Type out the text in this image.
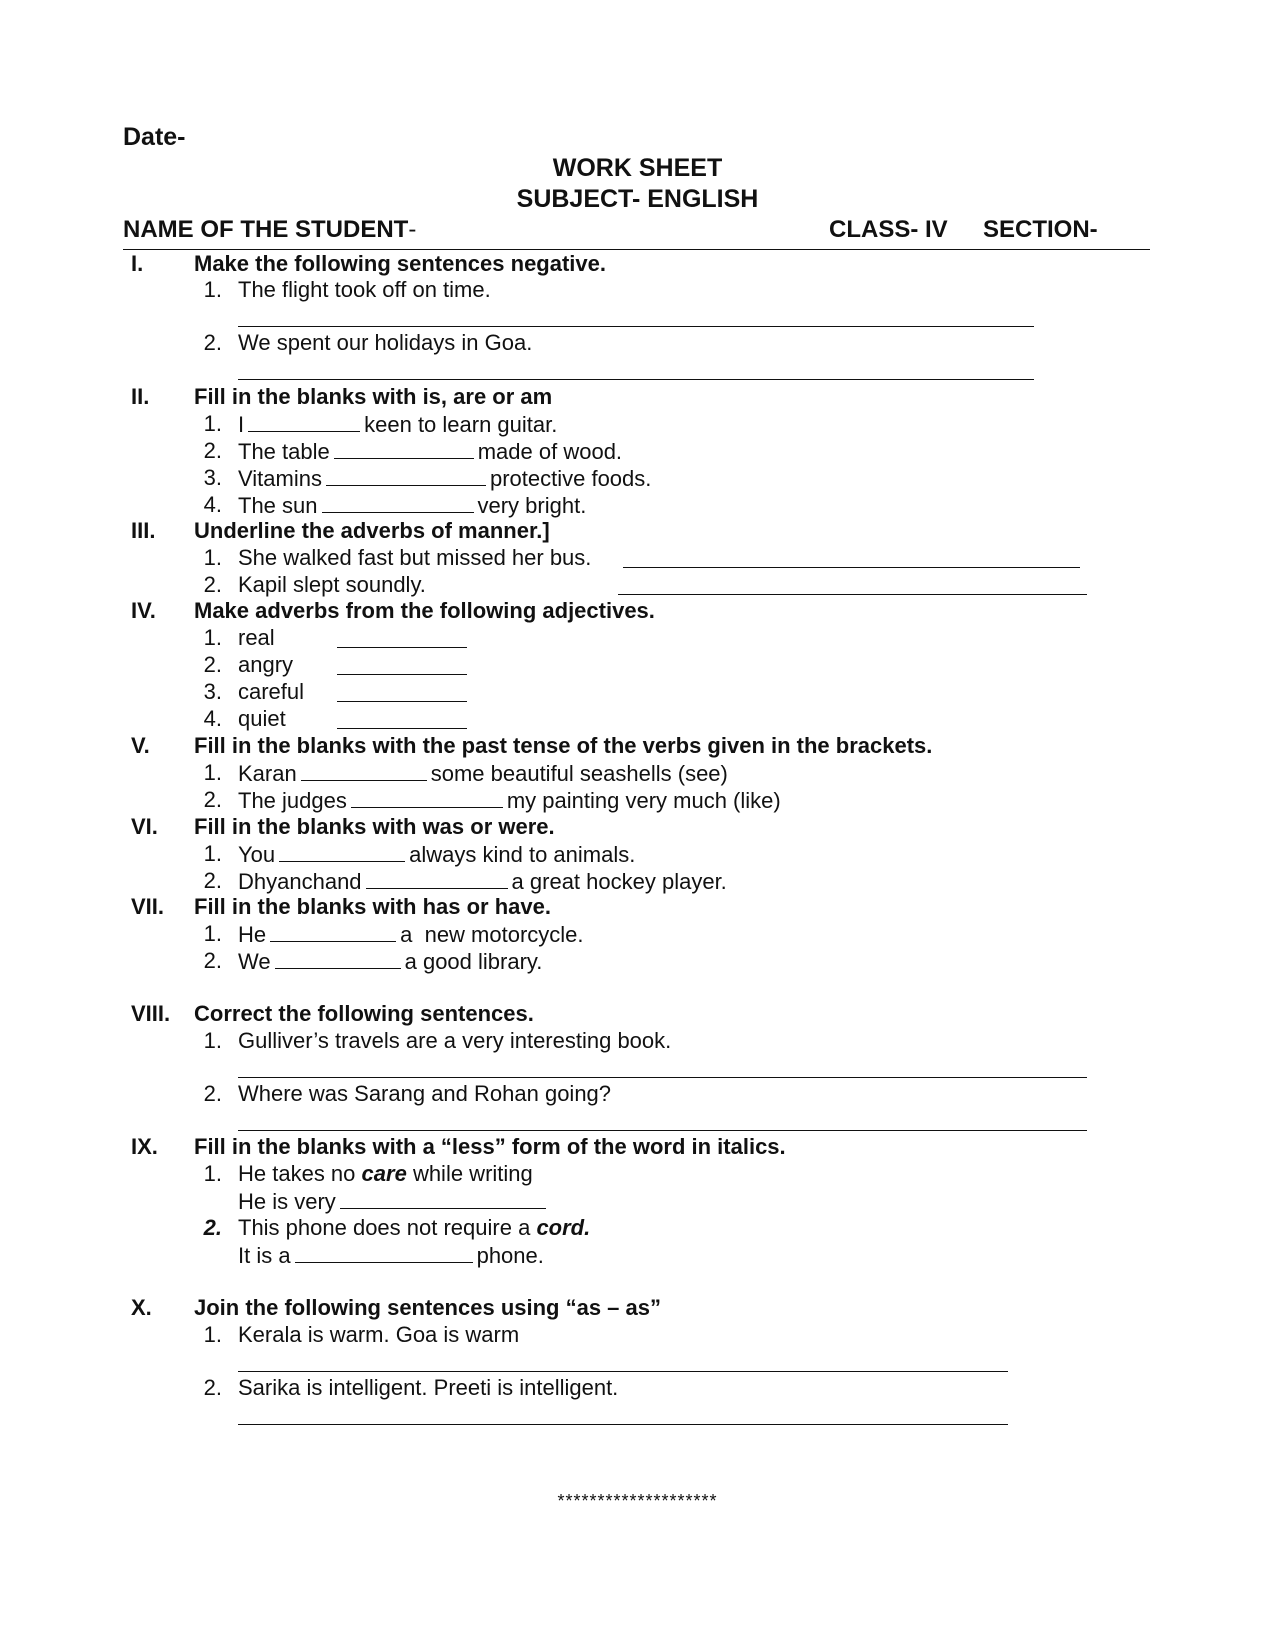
Date-
WORK SHEET
SUBJECT- ENGLISH
NAME OF THE STUDENT-	CLASS- IV SECTION-
I. Make the following sentences negative.
1. The flight took off on time.
2. We spent our holidays in Goa.
II. Fill in the blanks with is, are or am
1. I	keen to learn guitar.
2. The table	made of wood.
3. Vitamins	protective foods.
4. The sun	very bright.
III. Underline the adverbs of manner.]
1. She walked fast but missed her bus.
2. Kapil slept soundly.
IV. Make adverbs from the following adjectives.
1. real
2. angry
3. careful
4. quiet
V. Fill in the blanks with the past tense of the verbs given in the brackets.
1. Karan	some beautiful seashells (see)
2. The judges	my painting very much (like)
VI. Fill in the blanks with was or were.
1. You	always kind to animals.
2. Dhyanchand	a great hockey player.
VII. Fill in the blanks with has or have.
1. He	a  new motorcycle.
2. We	a good library.
VIII. Correct the following sentences.
1. Gulliver’s travels are a very interesting book.
2. Where was Sarang and Rohan going?
IX. Fill in the blanks with a “less” form of the word in italics.
1. He takes no care while writing
He is very
2. This phone does not require a cord.
It is a	phone.
X. Join the following sentences using “as – as”
1. Kerala is warm. Goa is warm
2. Sarika is intelligent. Preeti is intelligent.
********************
